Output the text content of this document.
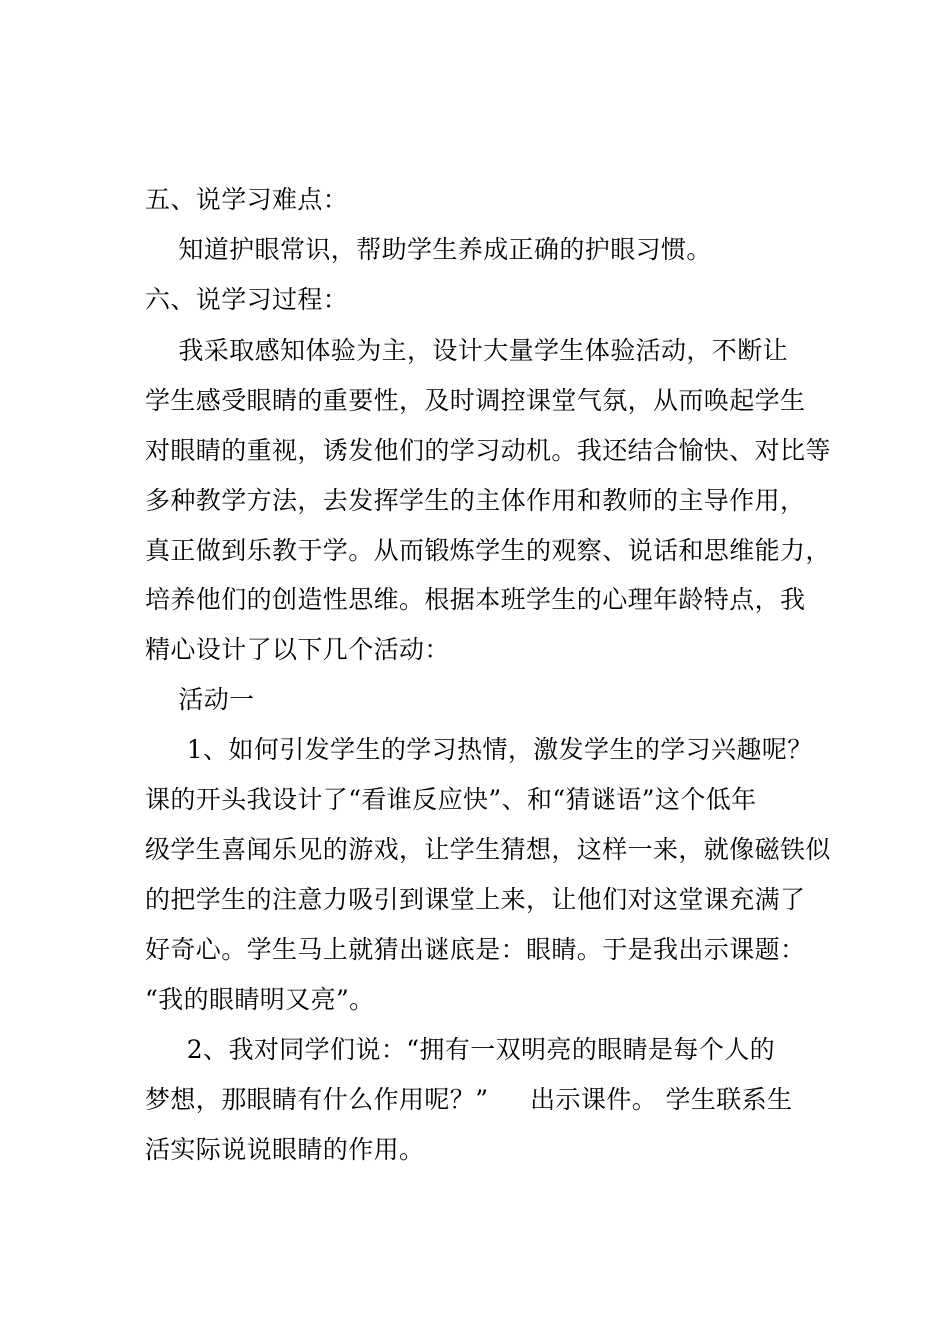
五、说学习难点：
知道护眼常识，帮助学生养成正确的护眼习惯。
六、说学习过程：
我采取感知体验为主，设计大量学生体验活动，不断让
学生感受眼睛的重要性，及时调控课堂气氛，从而唤起学生
对眼睛的重视，诱发他们的学习动机。我还结合愉快、对比等
多种教学方法，去发挥学生的主体作用和教师的主导作用，
真正做到乐教于学。从而锻炼学生的观察、说话和思维能力，
培养他们的创造性思维。根据本班学生的心理年龄特点，我
精心设计了以下几个活动：
活动一
1、如何引发学生的学习热情，激发学生的学习兴趣呢？
课的开头我设计了“看谁反应快”、和“猜谜语”这个低年
级学生喜闻乐见的游戏，让学生猜想，这样一来，就像磁铁似
的把学生的注意力吸引到课堂上来，让他们对这堂课充满了
好奇心。学生马上就猜出谜底是：眼睛。于是我出示课题：
“我的眼睛明又亮”。
2、我对同学们说：“拥有一双明亮的眼睛是每个人的
梦想，那眼睛有什么作用呢？”     出示课件。 学生联系生
活实际说说眼睛的作用。
